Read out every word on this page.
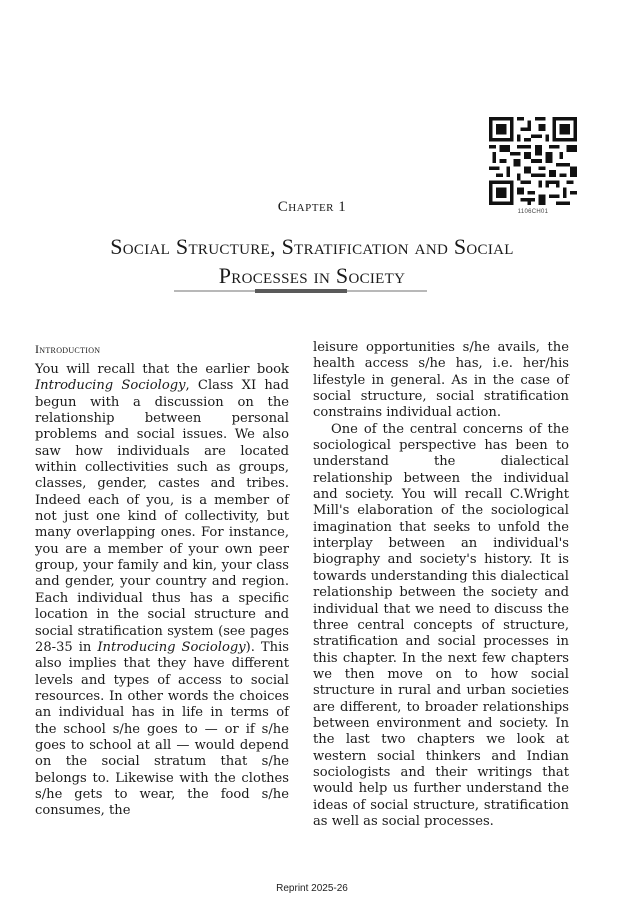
1106CH01
Chapter 1
Social Structure, Stratification and Social
Processes in Society
Introduction

You will recall that the earlier book Introducing Sociology, Class XI had begun with a discussion on the relationship between personal problems and social issues. We also saw how individuals are located within collectivities such as groups, classes, gender, castes and tribes. Indeed each of you, is a member of not just one kind of collectivity, but many overlapping ones. For instance, you are a member of your own peer group, your family and kin, your class and gender, your country and region. Each individual thus has a specific location in the social structure and social stratification system (see pages 28-35 in Introducing Sociology). This also implies that they have different levels and types of access to social resources. In other words the choices an individual has in life in terms of the school s/he goes to — or if s/he goes to school at all — would depend on the social stratum that s/he belongs to. Likewise with the clothes s/he gets to wear, the food s/he consumes, the

leisure opportunities s/he avails, the health access s/he has, i.e. her/his lifestyle in general. As in the case of social structure, social stratification constrains individual action.

One of the central concerns of the sociological perspective has been to understand the dialectical relationship between the individual and society. You will recall C.Wright Mill's elaboration of the sociological imagination that seeks to unfold the interplay between an individual's biography and society's history. It is towards understanding this dialectical relationship between the society and individual that we need to discuss the three central concepts of structure, stratification and social processes in this chapter. In the next few chapters we then move on to how social structure in rural and urban societies are different, to broader relationships between environment and society. In the last two chapters we look at western social thinkers and Indian sociologists and their writings that would help us further understand the ideas of social structure, stratification as well as social processes.

Reprint 2025-26
